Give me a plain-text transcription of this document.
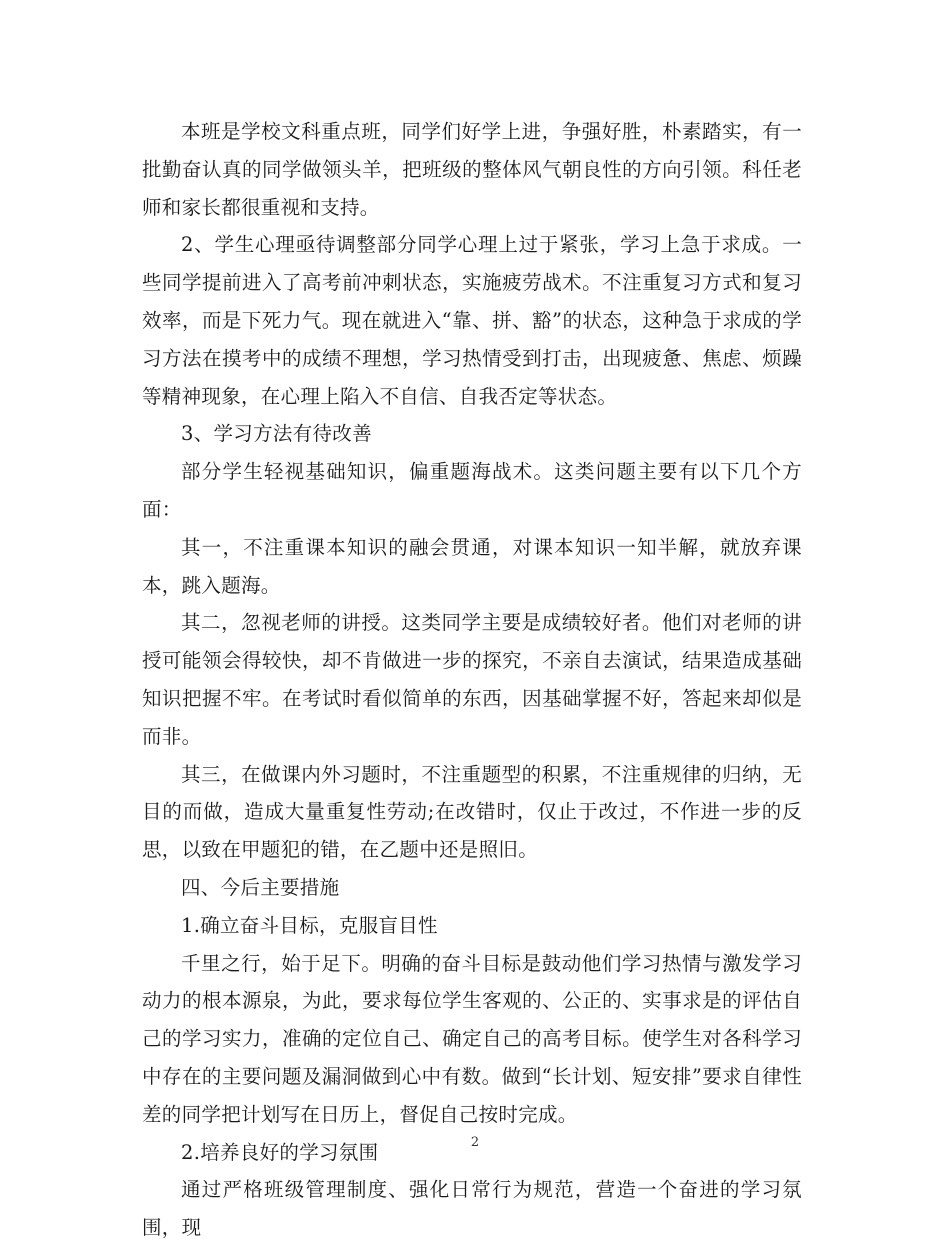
本班是学校文科重点班，同学们好学上进，争强好胜，朴素踏实，有一批勤奋认真的同学做领头羊，把班级的整体风气朝良性的方向引领。科任老师和家长都很重视和支持。

2、学生心理亟待调整部分同学心理上过于紧张，学习上急于求成。一些同学提前进入了高考前冲刺状态，实施疲劳战术。不注重复习方式和复习效率，而是下死力气。现在就进入“靠、拼、豁”的状态，这种急于求成的学习方法在摸考中的成绩不理想，学习热情受到打击，出现疲惫、焦虑、烦躁等精神现象，在心理上陷入不自信、自我否定等状态。

3、学习方法有待改善

部分学生轻视基础知识，偏重题海战术。这类问题主要有以下几个方面：

其一，不注重课本知识的融会贯通，对课本知识一知半解，就放弃课本，跳入题海。

其二，忽视老师的讲授。这类同学主要是成绩较好者。他们对老师的讲授可能领会得较快，却不肯做进一步的探究，不亲自去演试，结果造成基础知识把握不牢。在考试时看似简单的东西，因基础掌握不好，答起来却似是而非。

其三，在做课内外习题时，不注重题型的积累，不注重规律的归纳，无目的而做，造成大量重复性劳动;在改错时，仅止于改过，不作进一步的反思，以致在甲题犯的错，在乙题中还是照旧。

四、今后主要措施

1.确立奋斗目标，克服盲目性

千里之行，始于足下。明确的奋斗目标是鼓动他们学习热情与激发学习动力的根本源泉，为此，要求每位学生客观的、公正的、实事求是的评估自己的学习实力，准确的定位自己、确定自己的高考目标。使学生对各科学习中存在的主要问题及漏洞做到心中有数。做到“长计划、短安排”要求自律性差的同学把计划写在日历上，督促自己按时完成。

2.培养良好的学习氛围

通过严格班级管理制度、强化日常行为规范，营造一个奋进的学习氛围，现

2
